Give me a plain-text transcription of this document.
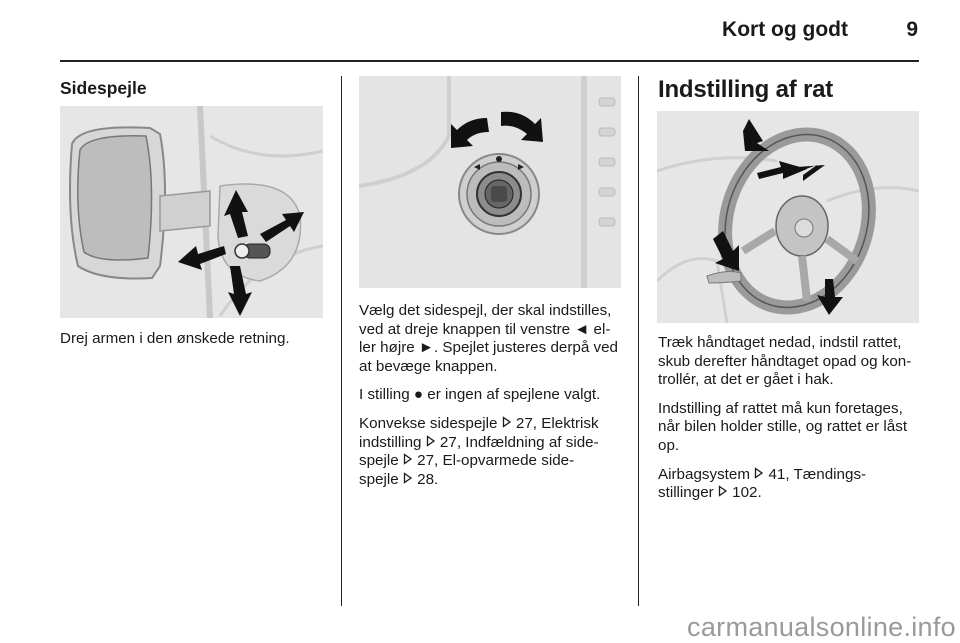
Kort og godt	9
Sidespejle

Drej armen i den ønskede retning.

Vælg det sidespejl, der skal indstilles,
ved at dreje knappen til venstre ◄ el-
ler højre ►. Spejlet justeres derpå ved
at bevæge knappen.

I stilling ● er ingen af spejlene valgt.

Konvekse sidespejle  27, Elektrisk
indstilling  27, Indfældning af side-
spejle  27, El-opvarmede side-
spejle  28.

Indstilling af rat

Træk håndtaget nedad, indstil rattet,
skub derefter håndtaget opad og kon-
trollér, at det er gået i hak.

Indstilling af rattet må kun foretages,
når bilen holder stille, og rattet er låst
op.

Airbagsystem  41, Tændings-
stillinger  102.

carmanualsonline.info
